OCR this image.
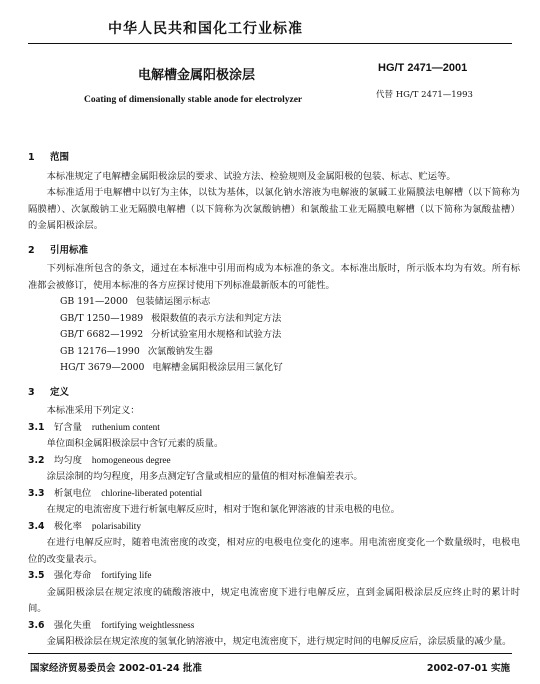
中华人民共和国化工行业标准
电解槽金属阳极涂层	HG/T 2471—2001
Coating of dimensionally stable anode for electrolyzer	代替 HG/T 2471—1993

1 范围

本标准规定了电解槽金属阳极涂层的要求、试验方法、检验规则及金属阳极的包装、标志、贮运等。

本标准适用于电解槽中以钌为主体，以钛为基体，以氯化钠水溶液为电解液的氯碱工业隔膜法电解槽（以下简称为隔膜槽）、次氯酸钠工业无隔膜电解槽（以下简称为次氯酸钠槽）和氯酸盐工业无隔膜电解槽（以下简称为氯酸盐槽）的金属阳极涂层。

2 引用标准

下列标准所包含的条文，通过在本标准中引用而构成为本标准的条文。本标准出版时，所示版本均为有效。所有标准都会被修订，使用本标准的各方应探讨使用下列标准最新版本的可能性。

GB 191—2000 包装储运图示标志

GB/T 1250—1989 极限数值的表示方法和判定方法

GB/T 6682—1992 分析试验室用水规格和试验方法

GB 12176—1990 次氯酸钠发生器

HG/T 3679—2000 电解槽金属阳极涂层用三氯化钌

3 定义

本标准采用下列定义：

3.1 钌含量 ruthenium content

单位面积金属阳极涂层中含钌元素的质量。

3.2 均匀度 homogeneous degree

涂层涂制的均匀程度，用多点测定钌含量或相应的量值的相对标准偏差表示。

3.3 析氯电位 chlorine-liberated potential

在规定的电流密度下进行析氯电解反应时，相对于饱和氯化钾溶液的甘汞电极的电位。

3.4 极化率 polarisability

在进行电解反应时，随着电流密度的改变，相对应的电极电位变化的速率。用电流密度变化一个数量级时，电极电位的改变量表示。

3.5 强化寿命 fortifying life

金属阳极涂层在规定浓度的硫酸溶液中，规定电流密度下进行电解反应，直到金属阳极涂层反应终止时的累计时间。

3.6 强化失重 fortifying weightlessness

金属阳极涂层在规定浓度的氢氧化钠溶液中，规定电流密度下，进行规定时间的电解反应后，涂层质量的减少量。

国家经济贸易委员会 2002-01-24 批准	2002-07-01 实施
